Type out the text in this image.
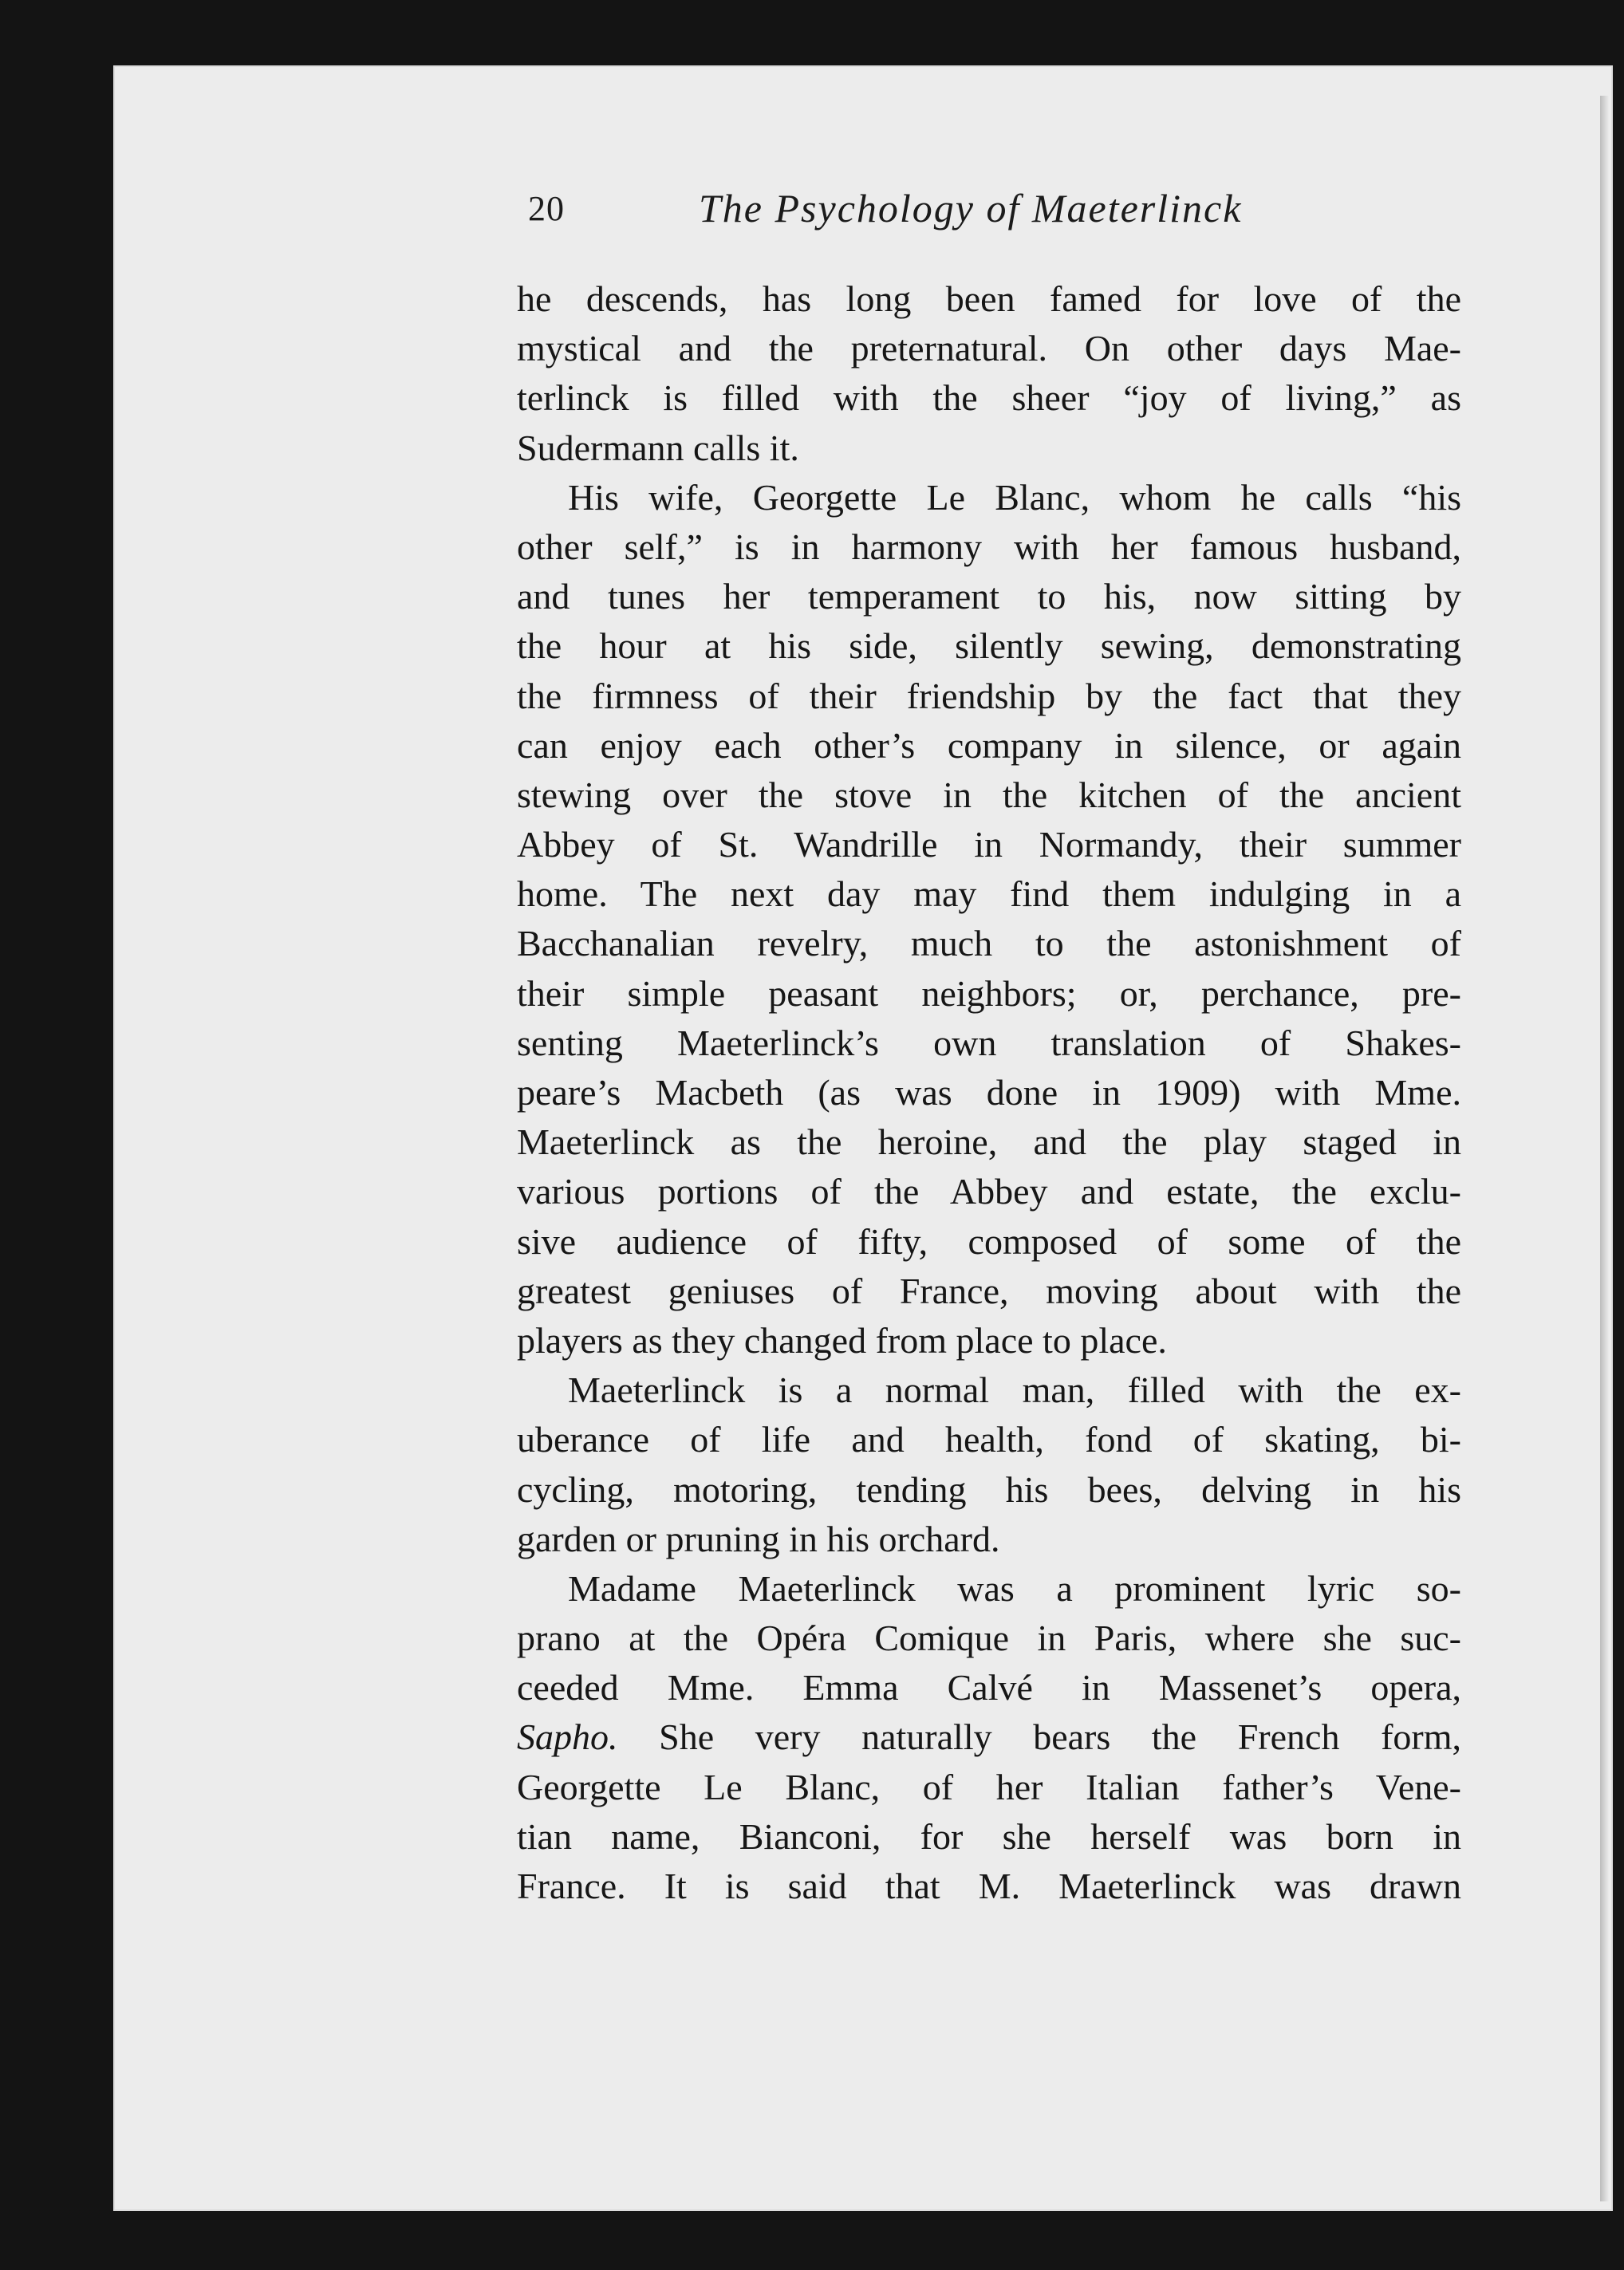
20	The Psychology of Maeterlinck

he descends, has long been famed for love of the
mystical and the preternatural. On other days Mae-
terlinck is filled with the sheer “joy of living,” as
Sudermann calls it.

His wife, Georgette Le Blanc, whom he calls “his
other self,” is in harmony with her famous husband,
and tunes her temperament to his, now sitting by
the hour at his side, silently sewing, demonstrating
the firmness of their friendship by the fact that they
can enjoy each other’s company in silence, or again
stewing over the stove in the kitchen of the ancient
Abbey of St. Wandrille in Normandy, their summer
home. The next day may find them indulging in a
Bacchanalian revelry, much to the astonishment of
their simple peasant neighbors; or, perchance, pre-
senting Maeterlinck’s own translation of Shakes-
peare’s Macbeth (as was done in 1909) with Mme.
Maeterlinck as the heroine, and the play staged in
various portions of the Abbey and estate, the exclu-
sive audience of fifty, composed of some of the
greatest geniuses of France, moving about with the
players as they changed from place to place.

Maeterlinck is a normal man, filled with the ex-
uberance of life and health, fond of skating, bi-
cycling, motoring, tending his bees, delving in his
garden or pruning in his orchard.

Madame Maeterlinck was a prominent lyric so-
prano at the Opéra Comique in Paris, where she suc-
ceeded Mme. Emma Calvé in Massenet’s opera,
Sapho. She very naturally bears the French form,
Georgette Le Blanc, of her Italian father’s Vene-
tian name, Bianconi, for she herself was born in
France. It is said that M. Maeterlinck was drawn
